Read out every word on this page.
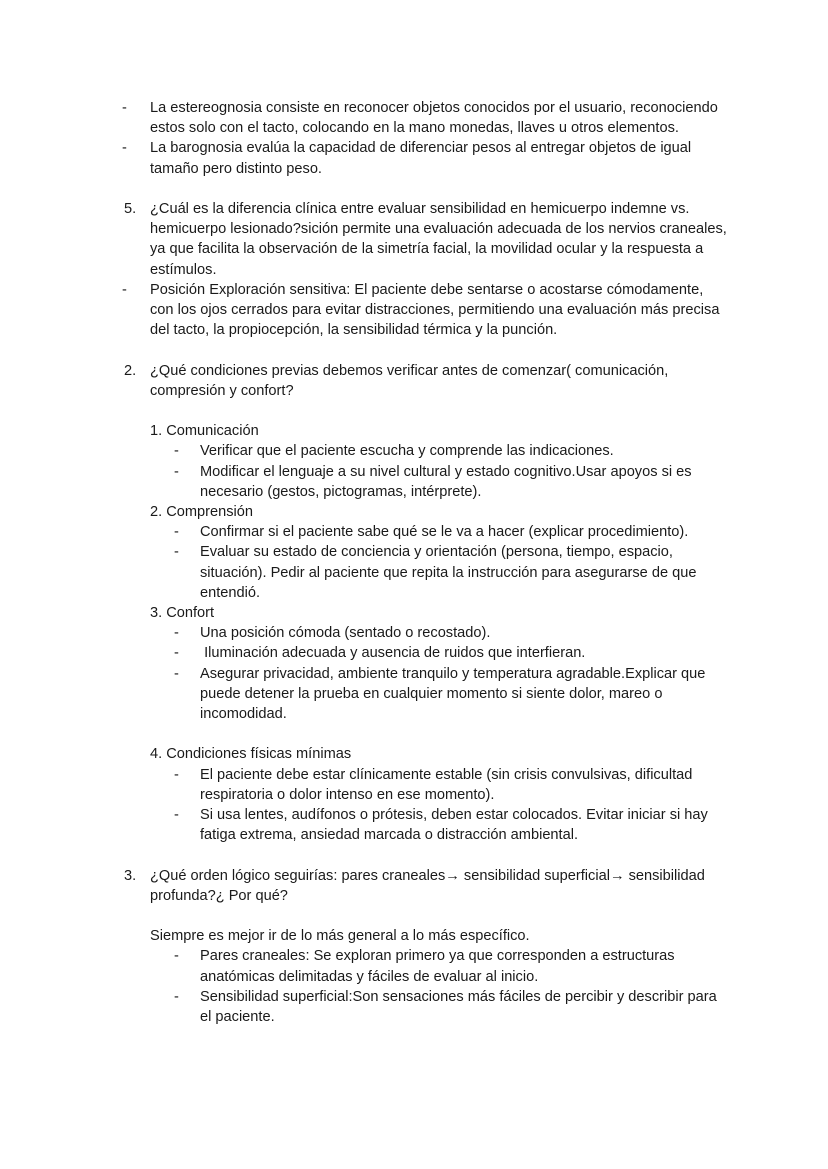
- La estereognosia consiste en reconocer objetos conocidos por el usuario, reconociendo estos solo con el tacto, colocando en la mano monedas, llaves u otros elementos.
- La barognosia evalúa la capacidad de diferenciar pesos al entregar objetos de igual tamaño pero distinto peso.
5. ¿Cuál es la diferencia clínica entre evaluar sensibilidad en hemicuerpo indemne vs. hemicuerpo lesionado?sición permite una evaluación adecuada de los nervios craneales, ya que facilita la observación de la simetría facial, la movilidad ocular y la respuesta a estímulos.
- Posición Exploración sensitiva: El paciente debe sentarse o acostarse cómodamente, con los ojos cerrados para evitar distracciones, permitiendo una evaluación más precisa del tacto, la propiocepción, la sensibilidad térmica y la punción.
2. ¿Qué condiciones previas debemos verificar antes de comenzar( comunicación, compresión y confort?
1. Comunicación
- Verificar que el paciente escucha y comprende las indicaciones.
- Modificar el lenguaje a su nivel cultural y estado cognitivo.Usar apoyos si es necesario (gestos, pictogramas, intérprete).
2. Comprensión
- Confirmar si el paciente sabe qué se le va a hacer (explicar procedimiento).
- Evaluar su estado de conciencia y orientación (persona, tiempo, espacio, situación). Pedir al paciente que repita la instrucción para asegurarse de que entendió.
3. Confort
- Una posición cómoda (sentado o recostado).
- Iluminación adecuada y ausencia de ruidos que interfieran.
- Asegurar privacidad, ambiente tranquilo y temperatura agradable.Explicar que puede detener la prueba en cualquier momento si siente dolor, mareo o incomodidad.
4. Condiciones físicas mínimas
- El paciente debe estar clínicamente estable (sin crisis convulsivas, dificultad respiratoria o dolor intenso en ese momento).
- Si usa lentes, audífonos o prótesis, deben estar colocados. Evitar iniciar si hay fatiga extrema, ansiedad marcada o distracción ambiental.
3. ¿Qué orden lógico seguirías: pares craneales→ sensibilidad superficial→ sensibilidad profunda?¿ Por qué?
Siempre es mejor ir de lo más general a lo más específico.
- Pares craneales: Se exploran primero ya que corresponden a estructuras anatómicas delimitadas y fáciles de evaluar al inicio.
- Sensibilidad superficial:Son sensaciones más fáciles de percibir y describir para el paciente.
